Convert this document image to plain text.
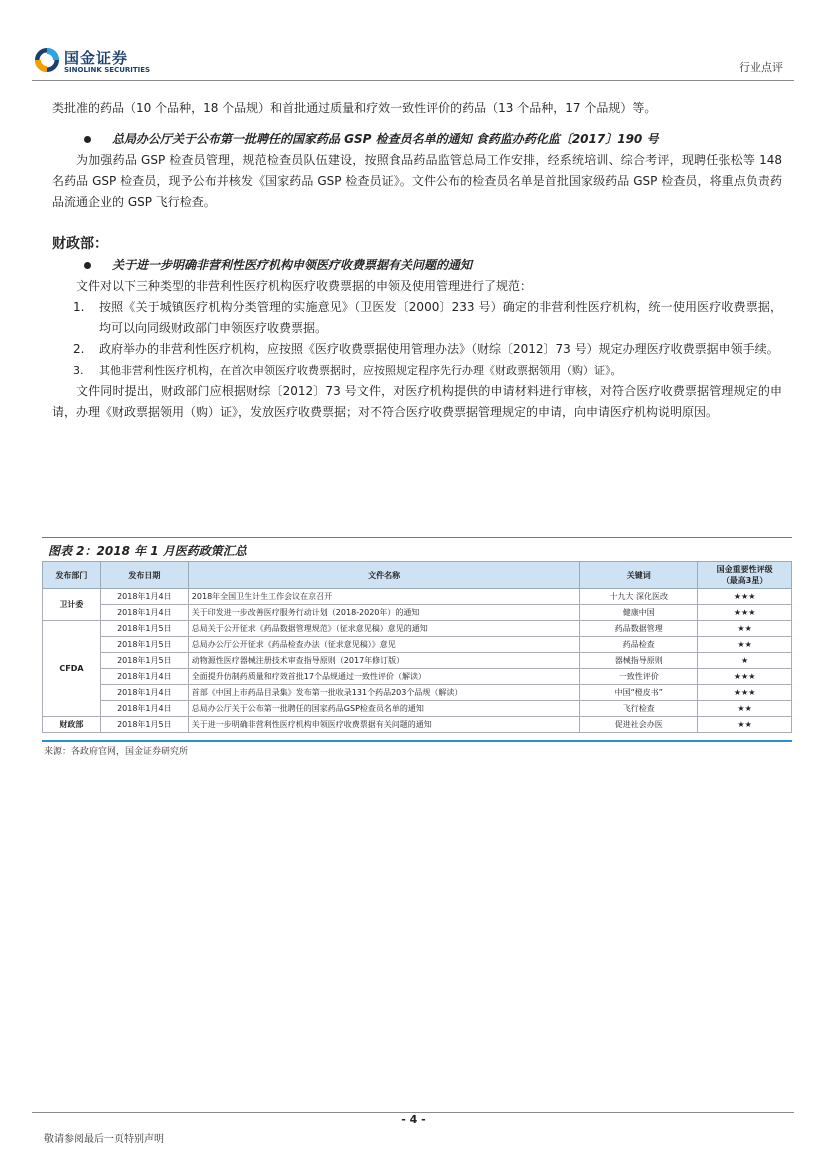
国金证券
SINOLINK SECURITIES	行业点评

类批准的药品（10 个品种，18 个品规）和首批通过质量和疗效一致性评价的药品（13 个品种，17 个品规）等。

总局办公厅关于公布第一批聘任的国家药品 GSP 检查员名单的通知 食药监办药化监〔2017〕190 号

为加强药品 GSP 检查员管理，规范检查员队伍建设，按照食品药品监管总局工作安排，经系统培训、综合考评，现聘任张松等 148 名药品 GSP 检查员，现予公布并核发《国家药品 GSP 检查员证》。文件公布的检查员名单是首批国家级药品 GSP 检查员，将重点负责药品流通企业的 GSP 飞行检查。

财政部：

关于进一步明确非营利性医疗机构申领医疗收费票据有关问题的通知

文件对以下三种类型的非营利性医疗机构医疗收费票据的申领及使用管理进行了规范：

1. 按照《关于城镇医疗机构分类管理的实施意见》（卫医发〔2000〕233 号）确定的非营利性医疗机构，统一使用医疗收费票据，均可以向同级财政部门申领医疗收费票据。
2. 政府举办的非营利性医疗机构，应按照《医疗收费票据使用管理办法》（财综〔2012〕73 号）规定办理医疗收费票据申领手续。
3. 其他非营利性医疗机构，在首次申领医疗收费票据时，应按照规定程序先行办理《财政票据领用（购）证》。

文件同时提出，财政部门应根据财综〔2012〕73 号文件，对医疗机构提供的申请材料进行审核，对符合医疗收费票据管理规定的申请，办理《财政票据领用（购）证》，发放医疗收费票据；对不符合医疗收费票据管理规定的申请，向申请医疗机构说明原因。

图表 2：2018 年 1 月医药政策汇总
发布部门	发布日期	文件名称	关键词	国金重要性评级
（最高3星）

卫计委	2018年1月4日	2018年全国卫生计生工作会议在京召开	十九大 深化医改	★★★
	2018年1月4日	关于印发进一步改善医疗服务行动计划（2018-2020年）的通知	健康中国	★★★
CFDA	2018年1月5日	总局关于公开征求《药品数据管理规范》（征求意见稿）意见的通知	药品数据管理	★★
	2018年1月5日	总局办公厅公开征求《药品检查办法（征求意见稿）》意见	药品检查	★★
	2018年1月5日	动物源性医疗器械注册技术审查指导原则（2017年修订版）	器械指导原则	★
	2018年1月4日	全面提升仿制药质量和疗效首批17个品规通过一致性评价（解读）	一致性评价	★★★
	2018年1月4日	首部《中国上市药品目录集》发布第一批收录131个药品203个品规（解读）	中国“橙皮书”	★★★
	2018年1月4日	总局办公厅关于公布第一批聘任的国家药品GSP检查员名单的通知	飞行检查	★★
财政部	2018年1月5日	关于进一步明确非营利性医疗机构申领医疗收费票据有关问题的通知	促进社会办医	★★
来源：各政府官网，国金证券研究所
- 4 -
敬请参阅最后一页特别声明
